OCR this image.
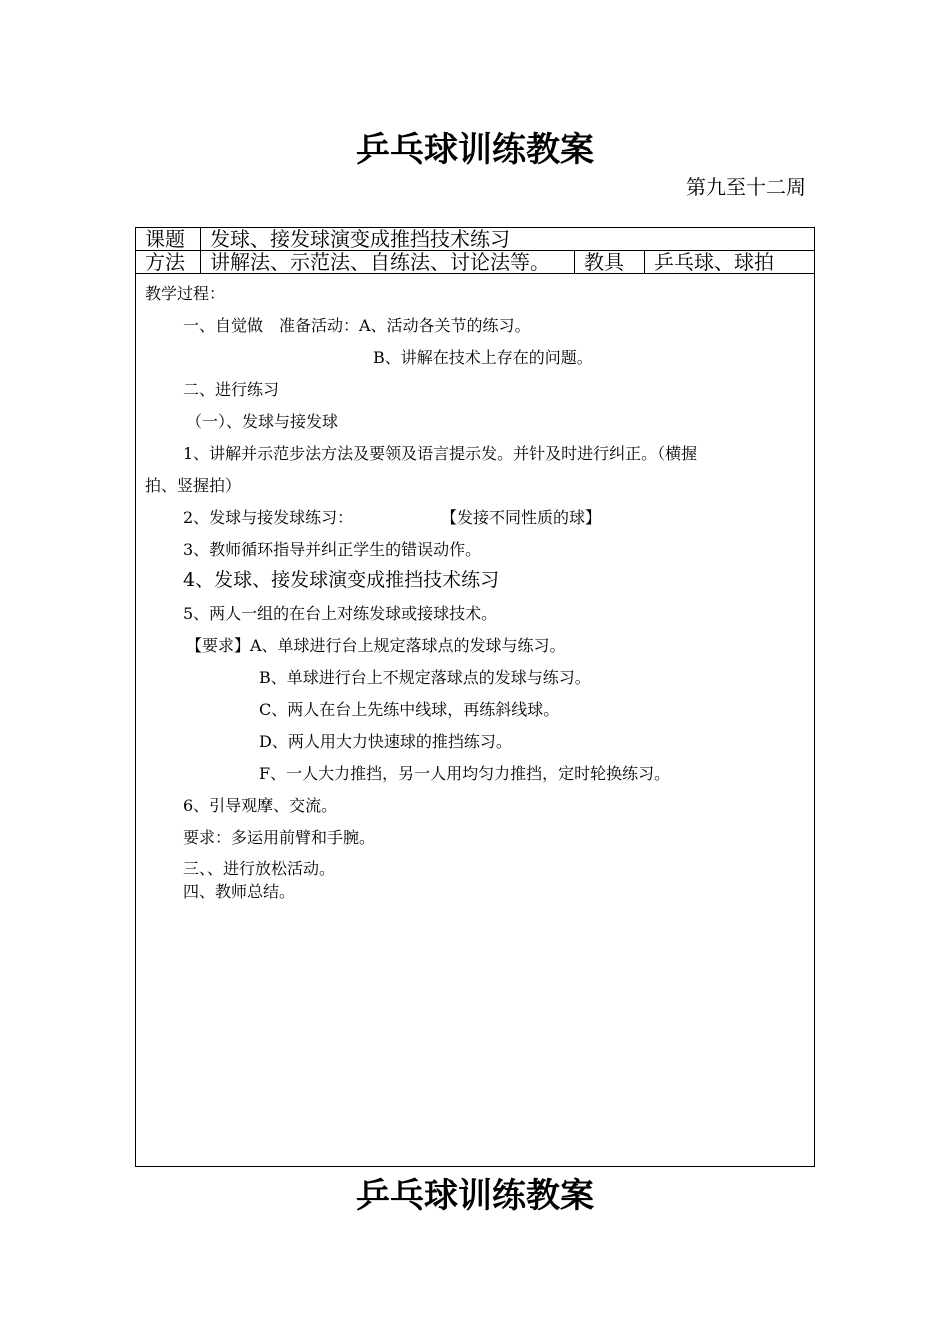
乒乓球训练教案
第九至十二周
课题 发球、接发球演变成推挡技术练习
方法 讲解法、示范法、自练法、讨论法等。 教具 乒乓球、球拍
教学过程：
一、自觉做　准备活动：A、活动各关节的练习。
B、讲解在技术上存在的问题。
二、进行练习
（一）、发球与接发球
1、讲解并示范步法方法及要领及语言提示发。并针及时进行纠正。（横握
拍、竖握拍）
2、发球与接发球练习：	【发接不同性质的球】
3、教师循环指导并纠正学生的错误动作。
4、发球、接发球演变成推挡技术练习
5、两人一组的在台上对练发球或接球技术。
【要求】A、单球进行台上规定落球点的发球与练习。
B、单球进行台上不规定落球点的发球与练习。
C、两人在台上先练中线球，再练斜线球。
D、两人用大力快速球的推挡练习。
F、一人大力推挡，另一人用均匀力推挡，定时轮换练习。
6、引导观摩、交流。
要求：多运用前臂和手腕。
三、、进行放松活动。
四、教师总结。
乒乓球训练教案
